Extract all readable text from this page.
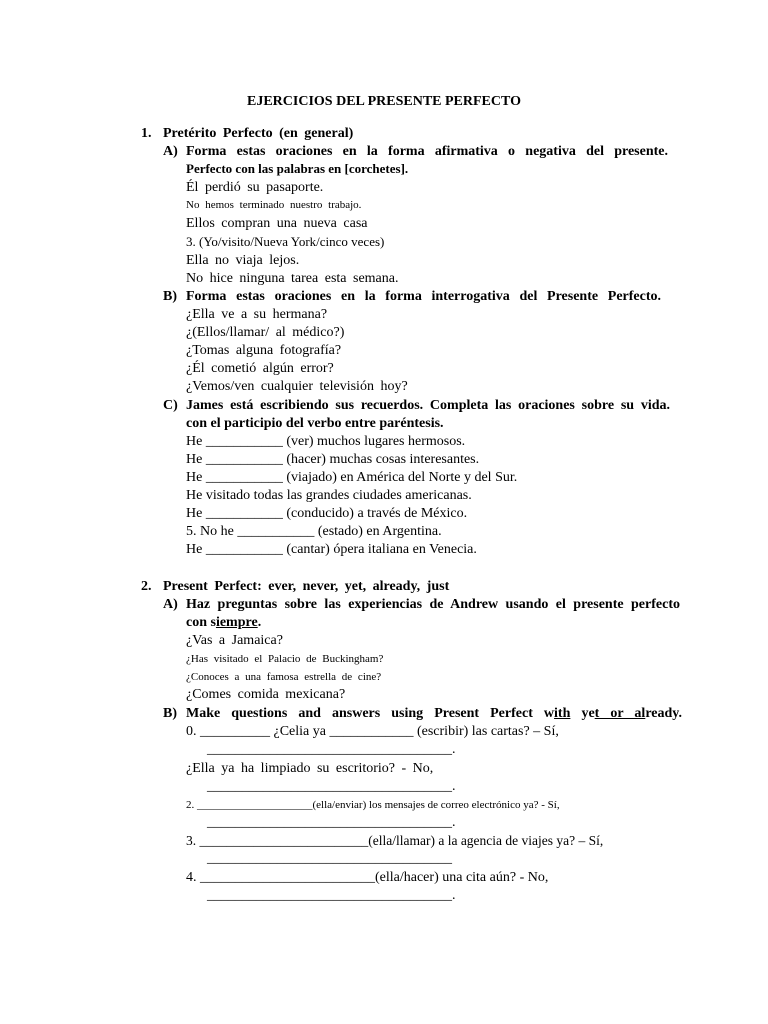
EJERCICIOS DEL PRESENTE PERFECTO
1. Pretérito Perfecto (en general)
A) Forma estas oraciones en la forma afirmativa o negativa del presente.
Perfecto con las palabras en [corchetes].
Él perdió su pasaporte.
No hemos terminado nuestro trabajo.
Ellos compran una nueva casa
3. (Yo/visito/Nueva York/cinco veces)
Ella no viaja lejos.
No hice ninguna tarea esta semana.
B) Forma estas oraciones en la forma interrogativa del Presente Perfecto.
¿Ella ve a su hermana?
¿(Ellos/llamar/ al médico?)
¿Tomas alguna fotografía?
¿Él cometió algún error?
¿Vemos/ven cualquier televisión hoy?
C) James está escribiendo sus recuerdos. Completa las oraciones sobre su vida.
con el participio del verbo entre paréntesis.
He ___________ (ver) muchos lugares hermosos.
He ___________ (hacer) muchas cosas interesantes.
He ___________ (viajado) en América del Norte y del Sur.
He visitado todas las grandes ciudades americanas.
He ___________ (conducido) a través de México.
5. No he ___________ (estado) en Argentina.
He ___________ (cantar) ópera italiana en Venecia.
2. Present Perfect: ever, never, yet, already, just
A) Haz preguntas sobre las experiencias de Andrew usando el presente perfecto
con siempre.
¿Vas a Jamaica?
¿Has visitado el Palacio de Buckingham?
¿Conoces a una famosa estrella de cine?
¿Comes comida mexicana?
B) Make questions and answers using Present Perfect with yet or already.
0. __________ ¿Celia ya ____________ (escribir) las cartas? – Sí,
___________________________________.
¿Ella ya ha limpiado su escritorio? - No,
___________________________________.
2. _____________________(ella/enviar) los mensajes de correo electrónico ya? - Sí,
___________________________________.
3. _________________________(ella/llamar) a la agencia de viajes ya? – Sí,
___________________________________
4. _________________________(ella/hacer) una cita aún? - No,
___________________________________.
